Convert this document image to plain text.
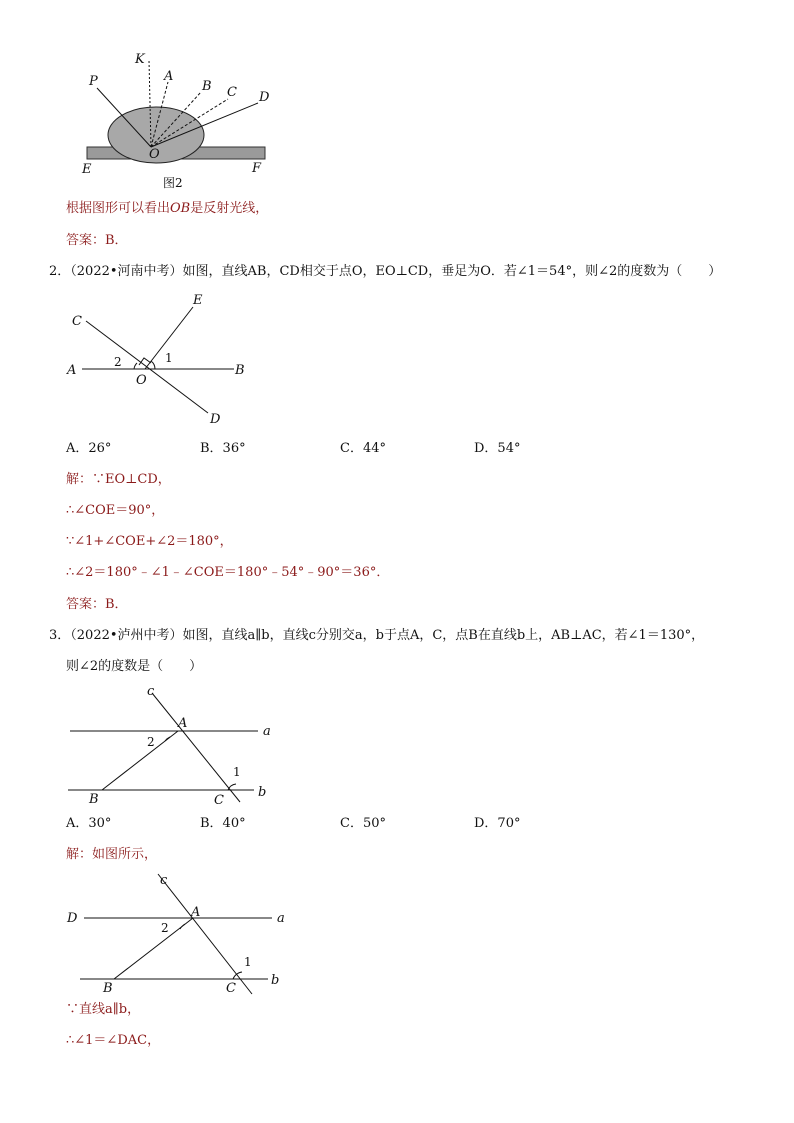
K
P	A
B C D
O
E	F
图2
根据图形可以看出OB是反射光线，
答案：B．
2．（2022•河南中考）如图，直线AB，CD相交于点O，EO⊥CD，垂足为O．若∠1＝54°，则∠2的度数为（　　）
C
E
A	B
O
D
1
2
A．26°	B．36°	C．44°	D．54°
解：∵EO⊥CD，
∴∠COE＝90°，
∵∠1+∠COE+∠2＝180°，
∴∠2＝180°﹣∠1﹣∠COE＝180°﹣54°﹣90°＝36°．
答案：B．
3．（2022•泸州中考）如图，直线a∥b，直线c分别交a，b于点A，C，点B在直线b上，AB⊥AC，若∠1＝130°，
则∠2的度数是（　　）
c
A
a
2
1
B	C
b
A．30°	B．40°	C．50°	D．70°
解：如图所示，
c
D	A	a
2
1
B	C
b
∵直线a∥b，
∴∠1＝∠DAC，
